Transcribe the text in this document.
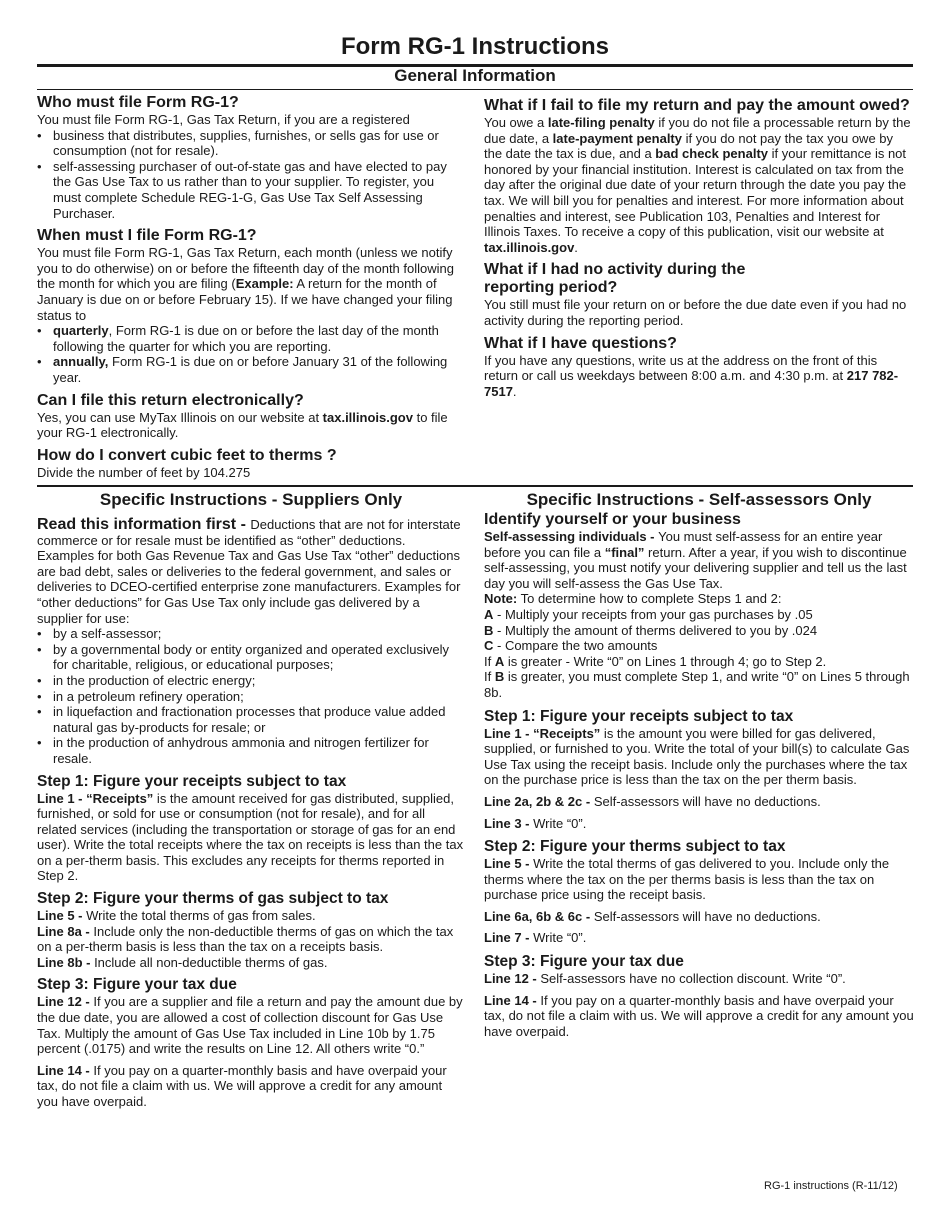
Form RG-1 Instructions
General Information
Who must file Form RG-1?

You must file Form RG-1, Gas Tax Return, if you are a registered

• business that distributes, supplies, furnishes, or sells gas for use or consumption (not for resale).
• self-assessing purchaser of out-of-state gas and have elected to pay the Gas Use Tax to us rather than to your supplier. To register, you must complete Schedule REG-1-G, Gas Use Tax Self Assessing Purchaser.
When must I file Form RG-1?

You must file Form RG-1, Gas Tax Return, each month (unless we notify you to do otherwise) on or before the fifteenth day of the month following the month for which you are filing (Example: A return for the month of January is due on or before February 15). If we have changed your filing status to

• quarterly, Form RG-1 is due on or before the last day of the month following the quarter for which you are reporting.
• annually, Form RG-1 is due on or before January 31 of the following year.
Can I file this return electronically?

Yes, you can use MyTax Illinois on our website at tax.illinois.gov to file your RG-1 electronically.

How do I convert cubic feet to therms ?

Divide the number of feet by 104.275

What if I fail to file my return and pay the amount owed?

You owe a late-filing penalty if you do not file a processable return by the due date, a late-payment penalty if you do not pay the tax you owe by the date the tax is due, and a bad check penalty if your remittance is not honored by your financial institution. Interest is calculated on tax from the day after the original due date of your return through the date you pay the tax. We will bill you for penalties and interest. For more information about penalties and interest, see Publication 103, Penalties and Interest for Illinois Taxes. To receive a copy of this publication, visit our website at tax.illinois.gov.

What if I had no activity during the
reporting period?

You still must file your return on or before the due date even if you had no activity during the reporting period.

What if I have questions?

If you have any questions, write us at the address on the front of this return or call us weekdays between 8:00 a.m. and 4:30 p.m. at 217 782-7517.

Specific Instructions - Suppliers Only

Read this information first - Deductions that are not for interstate commerce or for resale must be identified as “other” deductions. Examples for both Gas Revenue Tax and Gas Use Tax “other” deductions are bad debt, sales or deliveries to the federal government, and sales or deliveries to DCEO-certified enterprise zone manufacturers. Examples for “other deductions” for Gas Use Tax only include gas delivered by a supplier for use:

• by a self-assessor;
• by a governmental body or entity organized and operated exclusively for charitable, religious, or educational purposes;
• in the production of electric energy;
• in a petroleum refinery operation;
• in liquefaction and fractionation processes that produce value added natural gas by-products for resale; or
• in the production of anhydrous ammonia and nitrogen fertilizer for resale.
Step 1: Figure your receipts subject to tax

Line 1 - “Receipts” is the amount received for gas distributed, supplied, furnished, or sold for use or consumption (not for resale), and for all related services (including the transportation or storage of gas for an end user). Write the total receipts where the tax on receipts is less than the tax on a per-therm basis. This excludes any receipts for therms reported in Step 2.

Step 2: Figure your therms of gas subject to tax

Line 5 - Write the total therms of gas from sales.

Line 8a - Include only the non-deductible therms of gas on which the tax on a per-therm basis is less than the tax on a receipts basis.

Line 8b - Include all non-deductible therms of gas.

Step 3: Figure your tax due

Line 12 - If you are a supplier and file a return and pay the amount due by the due date, you are allowed a cost of collection discount for Gas Use Tax. Multiply the amount of Gas Use Tax included in Line 10b by 1.75 percent (.0175) and write the results on Line 12. All others write “0.”

Line 14 - If you pay on a quarter-monthly basis and have overpaid your tax, do not file a claim with us. We will approve a credit for any amount you have overpaid.

Specific Instructions - Self-assessors Only
Identify yourself or your business

Self-assessing individuals - You must self-assess for an entire year before you can file a “final” return. After a year, if you wish to discontinue self-assessing, you must notify your delivering supplier and tell us the last day you will self-assess the Gas Use Tax.

Note: To determine how to complete Steps 1 and 2:

A - Multiply your receipts from your gas purchases by .05

B - Multiply the amount of therms delivered to you by .024

C - Compare the two amounts

If A is greater - Write “0” on Lines 1 through 4; go to Step 2.

If B is greater, you must complete Step 1, and write “0” on Lines 5 through 8b.

Step 1: Figure your receipts subject to tax

Line 1 - “Receipts” is the amount you were billed for gas delivered, supplied, or furnished to you. Write the total of your bill(s) to calculate Gas Use Tax using the receipt basis. Include only the purchases where the tax on the purchase price is less than the tax on the per therm basis.

Line 2a, 2b & 2c - Self-assessors will have no deductions.

Line 3 - Write “0”.

Step 2: Figure your therms subject to tax

Line 5 - Write the total therms of gas delivered to you. Include only the therms where the tax on the per therms basis is less than the tax on purchase price using the receipt basis.

Line 6a, 6b & 6c - Self-assessors will have no deductions.

Line 7 - Write “0”.

Step 3: Figure your tax due

Line 12 - Self-assessors have no collection discount. Write “0”.

Line 14 - If you pay on a quarter-monthly basis and have overpaid your tax, do not file a claim with us. We will approve a credit for any amount you have overpaid.

RG-1 instructions (R-11/12)
